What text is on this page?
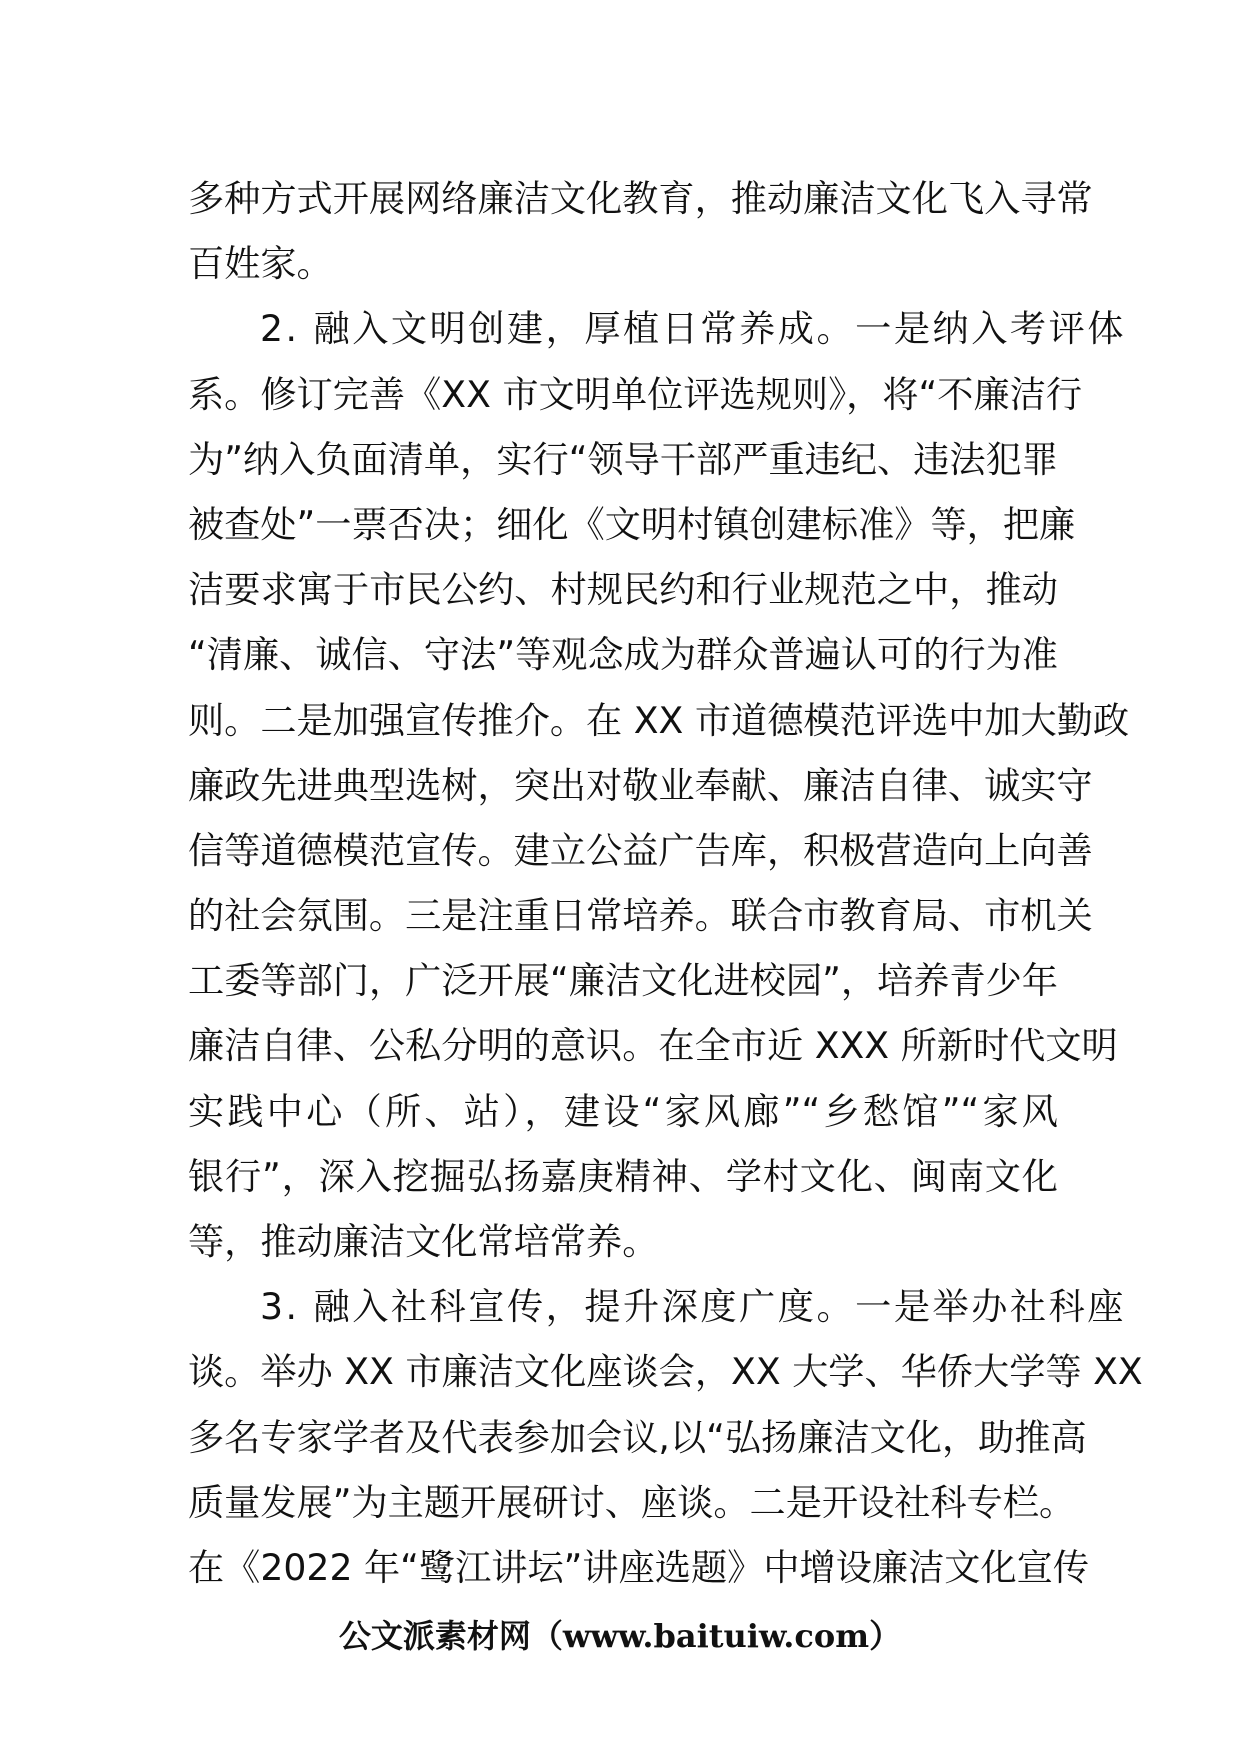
多种方式开展网络廉洁文化教育，推动廉洁文化飞入寻常
百姓家。
2. 融入文明创建，厚植日常养成。一是纳入考评体
系。修订完善《XX 市文明单位评选规则》，将“不廉洁行
为”纳入负面清单，实行“领导干部严重违纪、违法犯罪
被查处”一票否决；细化《文明村镇创建标准》等，把廉
洁要求寓于市民公约、村规民约和行业规范之中，推动
“清廉、诚信、守法”等观念成为群众普遍认可的行为准
则。二是加强宣传推介。在 XX 市道德模范评选中加大勤政
廉政先进典型选树，突出对敬业奉献、廉洁自律、诚实守
信等道德模范宣传。建立公益广告库，积极营造向上向善
的社会氛围。三是注重日常培养。联合市教育局、市机关
工委等部门，广泛开展“廉洁文化进校园”，培养青少年
廉洁自律、公私分明的意识。在全市近 XXX 所新时代文明
实践中心（所、站），建设“家风廊”“乡愁馆”“家风
银行”，深入挖掘弘扬嘉庚精神、学村文化、闽南文化
等，推动廉洁文化常培常养。
3. 融入社科宣传，提升深度广度。一是举办社科座
谈。举办 XX 市廉洁文化座谈会，XX 大学、华侨大学等 XX
多名专家学者及代表参加会议,以“弘扬廉洁文化，助推高
质量发展”为主题开展研讨、座谈。二是开设社科专栏。
在《2022 年“鹭江讲坛”讲座选题》中增设廉洁文化宣传
公文派素材网（www.baituiw.com）
